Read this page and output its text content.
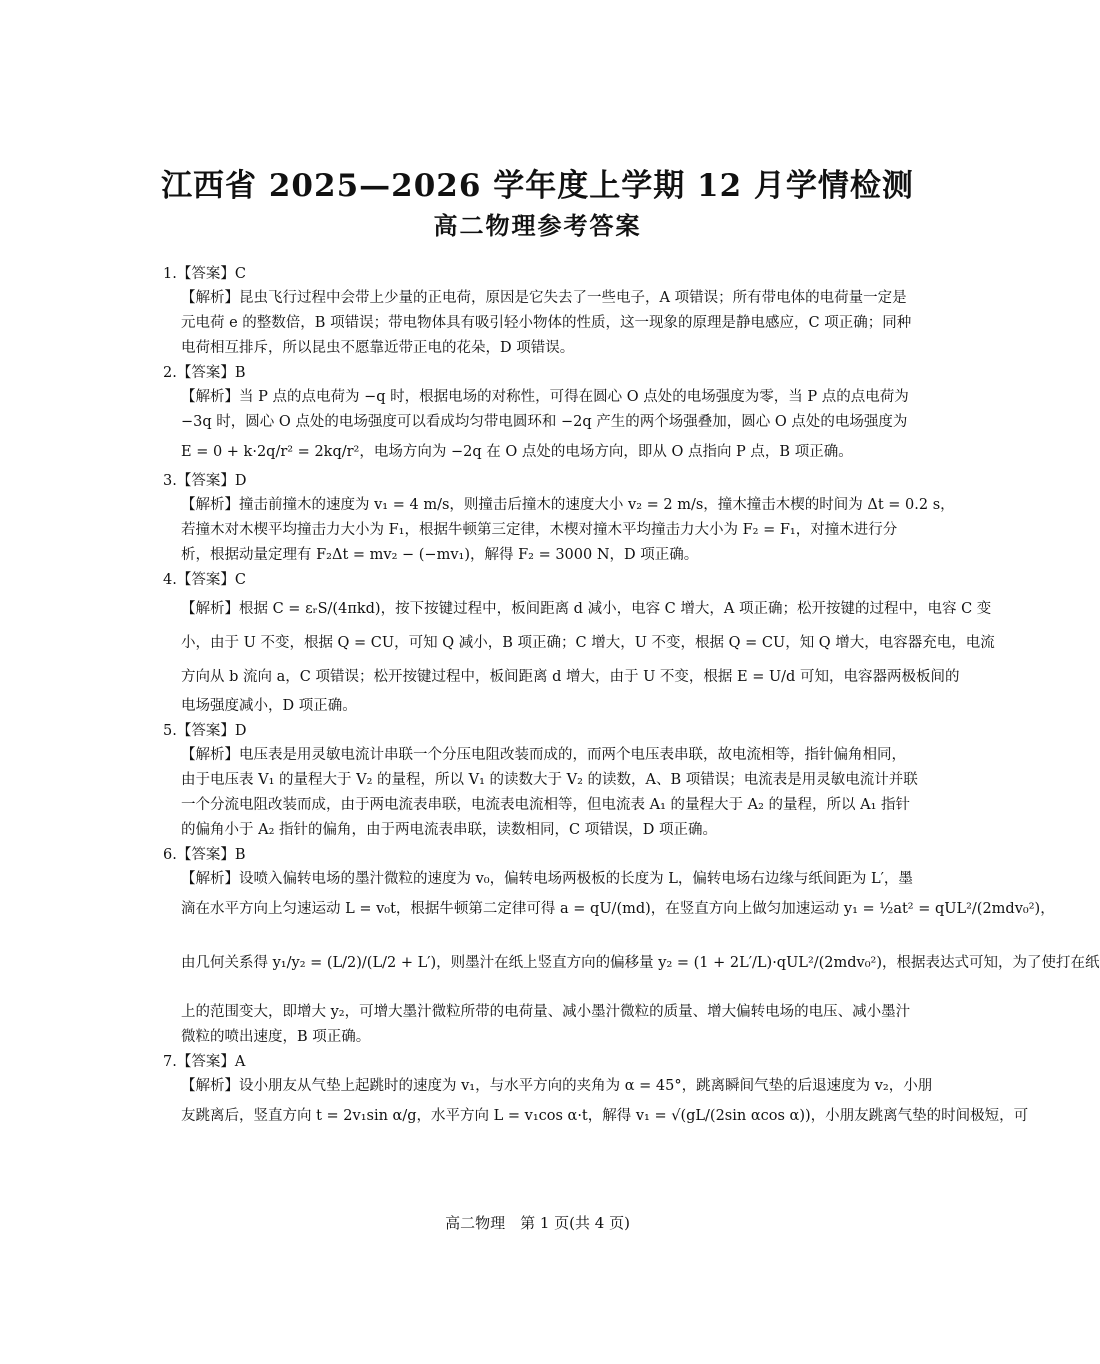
江西省 2025—2026 学年度上学期 12 月学情检测
高二物理参考答案
1.【答案】C
【解析】昆虫飞行过程中会带上少量的正电荷，原因是它失去了一些电子，A 项错误；所有带电体的电荷量一定是
元电荷 e 的整数倍，B 项错误；带电物体具有吸引轻小物体的性质，这一现象的原理是静电感应，C 项正确；同种
电荷相互排斥，所以昆虫不愿靠近带正电的花朵，D 项错误。
2.【答案】B
【解析】当 P 点的点电荷为 −q 时，根据电场的对称性，可得在圆心 O 点处的电场强度为零，当 P 点的点电荷为
−3q 时，圆心 O 点处的电场强度可以看成均匀带电圆环和 −2q 产生的两个场强叠加，圆心 O 点处的电场强度为
E = 0 + k·2q/r² = 2kq/r²，电场方向为 −2q 在 O 点处的电场方向，即从 O 点指向 P 点，B 项正确。
3.【答案】D
【解析】撞击前撞木的速度为 v₁ = 4 m/s，则撞击后撞木的速度大小 v₂ = 2 m/s，撞木撞击木楔的时间为 Δt = 0.2 s，
若撞木对木楔平均撞击力大小为 F₁，根据牛顿第三定律，木楔对撞木平均撞击力大小为 F₂ = F₁，对撞木进行分
析，根据动量定理有 F₂Δt = mv₂ − (−mv₁)，解得 F₂ = 3000 N，D 项正确。
4.【答案】C
【解析】根据 C = εᵣS/(4πkd)，按下按键过程中，板间距离 d 减小，电容 C 增大，A 项正确；松开按键的过程中，电容 C 变
小，由于 U 不变，根据 Q = CU，可知 Q 减小，B 项正确；C 增大，U 不变，根据 Q = CU，知 Q 增大，电容器充电，电流
方向从 b 流向 a，C 项错误；松开按键过程中，板间距离 d 增大，由于 U 不变，根据 E = U/d 可知，电容器两极板间的
电场强度减小，D 项正确。
5.【答案】D
【解析】电压表是用灵敏电流计串联一个分压电阻改装而成的，而两个电压表串联，故电流相等，指针偏角相同，
由于电压表 V₁ 的量程大于 V₂ 的量程，所以 V₁ 的读数大于 V₂ 的读数，A、B 项错误；电流表是用灵敏电流计并联
一个分流电阻改装而成，由于两电流表串联，电流表电流相等，但电流表 A₁ 的量程大于 A₂ 的量程，所以 A₁ 指针
的偏角小于 A₂ 指针的偏角，由于两电流表串联，读数相同，C 项错误，D 项正确。
6.【答案】B
【解析】设喷入偏转电场的墨汁微粒的速度为 v₀，偏转电场两极板的长度为 L，偏转电场右边缘与纸间距为 L′，墨
滴在水平方向上匀速运动 L = v₀t，根据牛顿第二定律可得 a = qU/(md)，在竖直方向上做匀加速运动 y₁ = ½at² = qUL²/(2mdv₀²)，
由几何关系得 y₁/y₂ = (L/2)/(L/2 + L′)，则墨汁在纸上竖直方向的偏移量 y₂ = (1 + 2L′/L)·qUL²/(2mdv₀²)，根据表达式可知，为了使打在纸
上的范围变大，即增大 y₂，可增大墨汁微粒所带的电荷量、减小墨汁微粒的质量、增大偏转电场的电压、减小墨汁
微粒的喷出速度，B 项正确。
7.【答案】A
【解析】设小朋友从气垫上起跳时的速度为 v₁，与水平方向的夹角为 α = 45°，跳离瞬间气垫的后退速度为 v₂，小朋
友跳离后，竖直方向 t = 2v₁sin α/g，水平方向 L = v₁cos α·t，解得 v₁ = √(gL/(2sin αcos α))，小朋友跳离气垫的时间极短，可
高二物理　第 1 页(共 4 页)
